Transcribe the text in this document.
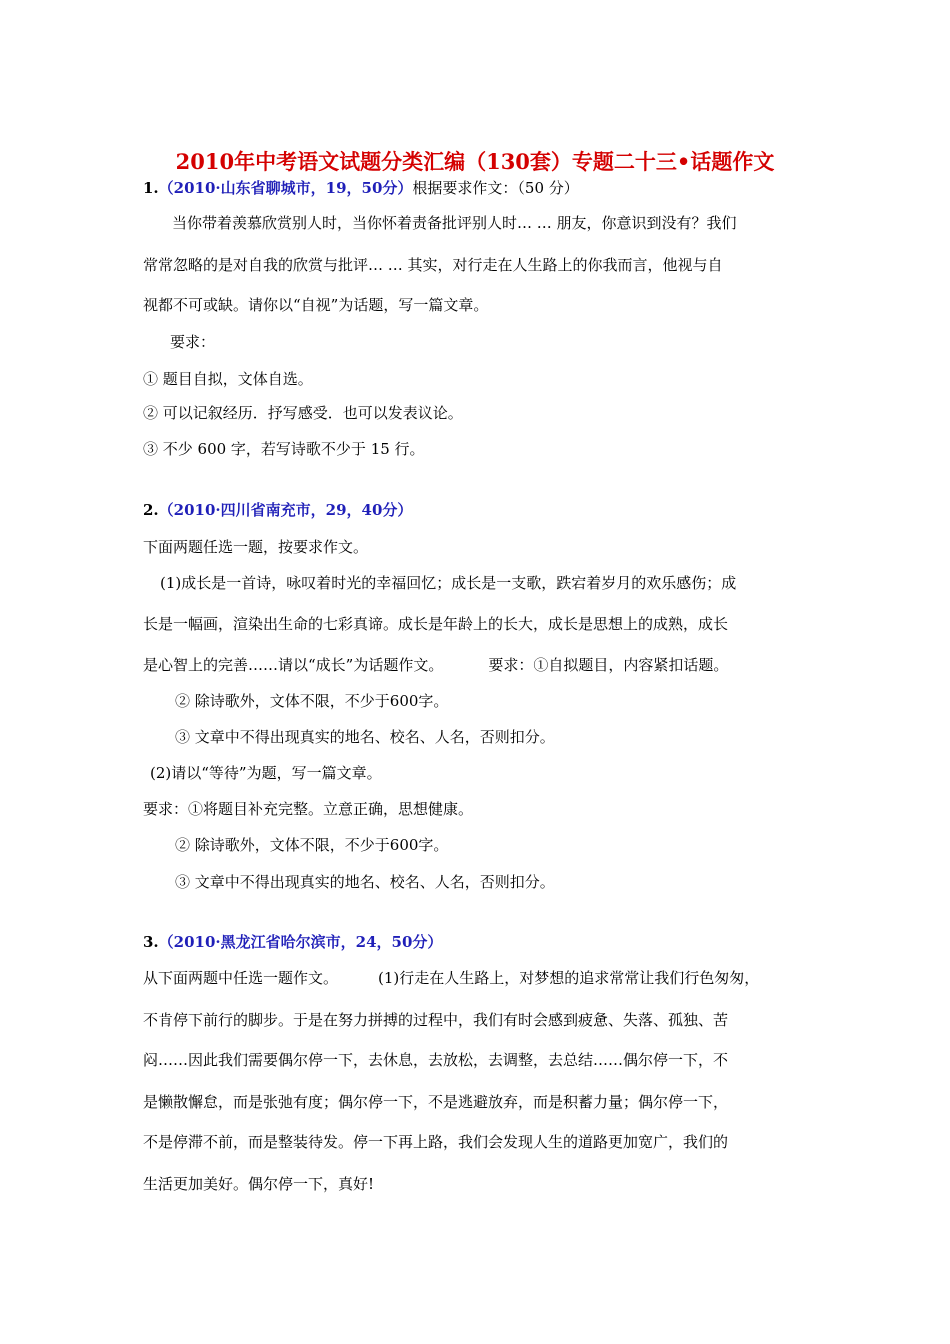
2010年中考语文试题分类汇编（130套）专题二十三•话题作文
1.（2010·山东省聊城市，19，50分）根据要求作文：（50 分）
当你带着羡慕欣赏别人时，当你怀着责备批评别人时… … 朋友，你意识到没有？我们
常常忽略的是对自我的欣赏与批评… … 其实，对行走在人生路上的你我而言，他视与自
视都不可或缺。请你以“自视”为话题，写一篇文章。
要求：
① 题目自拟，文体自选。
② 可以记叙经历．抒写感受．也可以发表议论。
③ 不少 600 字，若写诗歌不少于 15 行。
2.（2010·四川省南充市，29，40分）
下面两题任选一题，按要求作文。
(1)成长是一首诗，咏叹着时光的幸福回忆；成长是一支歌，跌宕着岁月的欢乐感伤；成
长是一幅画，渲染出生命的七彩真谛。成长是年龄上的长大，成长是思想上的成熟，成长
是心智上的完善……请以“成长”为话题作文。	要求：①自拟题目，内容紧扣话题。
② 除诗歌外，文体不限，不少于600字。
③ 文章中不得出现真实的地名、校名、人名，否则扣分。
(2)请以“等待”为题，写一篇文章。
要求：①将题目补充完整。立意正确，思想健康。
② 除诗歌外，文体不限，不少于600字。
③ 文章中不得出现真实的地名、校名、人名，否则扣分。
3.（2010·黑龙江省哈尔滨市，24，50分）
从下面两题中任选一题作文。	(1)行走在人生路上，对梦想的追求常常让我们行色匆匆，
不肯停下前行的脚步。于是在努力拼搏的过程中，我们有时会感到疲惫、失落、孤独、苦
闷……因此我们需要偶尔停一下，去休息，去放松，去调整，去总结……偶尔停一下，不
是懒散懈怠，而是张弛有度；偶尔停一下，不是逃避放弃，而是积蓄力量；偶尔停一下，
不是停滞不前，而是整装待发。停一下再上路，我们会发现人生的道路更加宽广，我们的
生活更加美好。偶尔停一下，真好!
